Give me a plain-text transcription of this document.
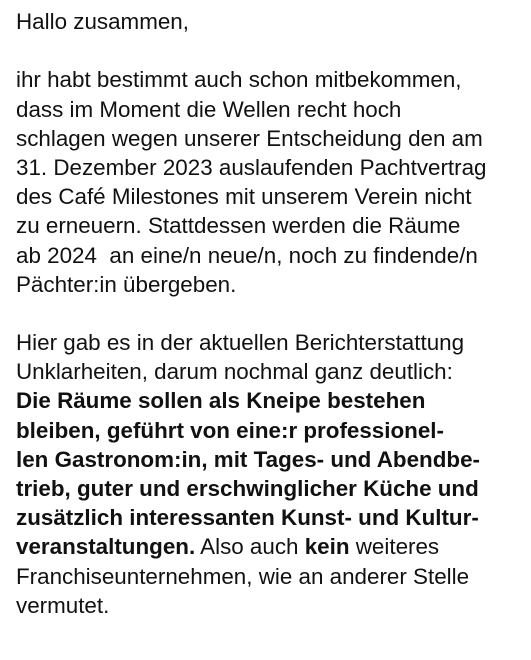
Hallo zusammen,
ihr habt bestimmt auch schon mitbekommen,
dass im Moment die Wellen recht hoch
schlagen wegen unserer Entscheidung den am
31. Dezember 2023 auslaufenden Pachtvertrag
des Café Milestones mit unserem Verein nicht
zu erneuern. Stattdessen werden die Räume
ab 2024  an eine/n neue/n, noch zu findende/n
Pächter:in übergeben.
Hier gab es in der aktuellen Berichterstattung
Unklarheiten, darum nochmal ganz deutlich:
Die Räume sollen als Kneipe bestehen
bleiben, geführt von eine:r professionel-
len Gastronom:in, mit Tages- und Abendbe-
trieb, guter und erschwinglicher Küche und
zusätzlich interessanten Kunst- und Kultur-
veranstaltungen. Also auch kein weiteres
Franchiseunternehmen, wie an anderer Stelle
vermutet.
